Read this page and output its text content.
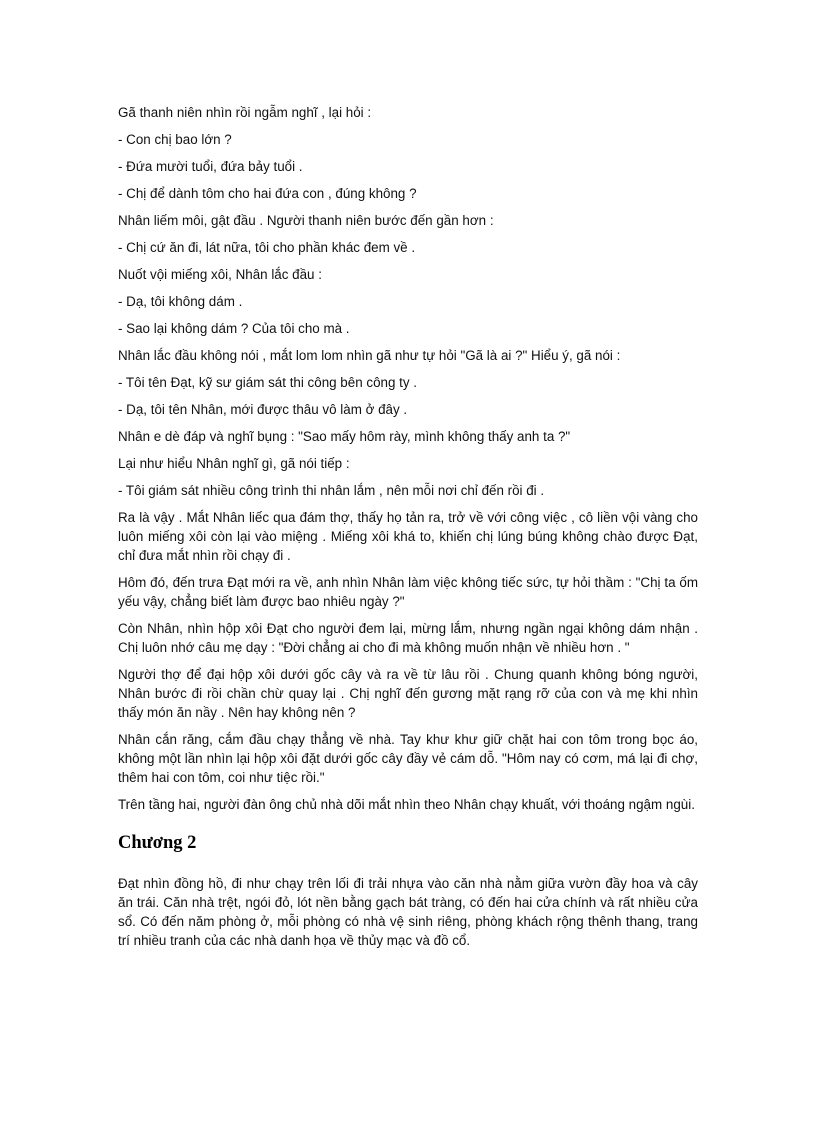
Gã thanh niên nhìn rồi ngẫm nghĩ , lại hỏi :

- Con chị bao lớn ?

- Đứa mười tuổi, đứa bảy tuổi .

- Chị để dành tôm cho hai đứa con , đúng không ?

Nhân liếm môi, gật đầu . Người thanh niên bước đến gần hơn :

- Chị cứ ăn đi, lát nữa, tôi cho phần khác đem về .

Nuốt vội miếng xôi, Nhân lắc đầu :

- Dạ, tôi không dám .

- Sao lại không dám ? Của tôi cho mà .

Nhân lắc đầu không nói , mắt lom lom nhìn gã như tự hỏi "Gã là ai ?" Hiểu ý, gã nói :

- Tôi tên Đạt, kỹ sư giám sát thi công bên công ty .

- Dạ, tôi tên Nhân, mới được thâu vô làm ở đây .

Nhân e dè đáp và nghĩ bụng : "Sao mấy hôm rày, mình không thấy anh ta ?"

Lại như hiểu Nhân nghĩ gì, gã nói tiếp :

- Tôi giám sát nhiều công trình thi nhân lắm , nên mỗi nơi chỉ đến rồi đi .

Ra là vậy . Mắt Nhân liếc qua đám thợ, thấy họ tản ra, trở về với công việc , cô liền vội vàng cho luôn miếng xôi còn lại vào miệng . Miếng xôi khá to, khiến chị lúng búng không chào được Đạt, chỉ đưa mắt nhìn rồi chạy đi .

Hôm đó, đến trưa Đạt mới ra về, anh nhìn Nhân làm việc không tiếc sức, tự hỏi thầm : "Chị ta ốm yếu vậy, chẳng biết làm được bao nhiêu ngày ?"

Còn Nhân, nhìn hộp xôi Đạt cho người đem lại, mừng lắm, nhưng ngần ngại không dám nhận . Chị luôn nhớ câu mẹ dạy : "Đời chẳng ai cho đi mà không muốn nhận về nhiều hơn . "

Người thợ để đại hộp xôi dưới gốc cây và ra về từ lâu rồi . Chung quanh không bóng người, Nhân bước đi rồi chần chừ quay lại . Chị nghĩ đến gương mặt rạng rỡ của con và mẹ khi nhìn thấy món ăn nầy . Nên hay không nên ?

Nhân cắn răng, cắm đầu chạy thẳng về nhà. Tay khư khư giữ chặt hai con tôm trong bọc áo, không một lần nhìn lại hộp xôi đặt dưới gốc cây đầy vẻ cám dỗ. "Hôm nay có cơm, má lại đi chợ, thêm hai con tôm, coi như tiệc rồi."

Trên tầng hai, người đàn ông chủ nhà dõi mắt nhìn theo Nhân chạy khuất, với thoáng ngậm ngùi.

Chương 2

Đạt nhìn đồng hồ, đi như chạy trên lối đi trải nhựa vào căn nhà nằm giữa vườn đầy hoa và cây ăn trái. Căn nhà trệt, ngói đỏ, lót nền bằng gạch bát tràng, có đến hai cửa chính và rất nhiều cửa sổ. Có đến năm phòng ở, mỗi phòng có nhà vệ sinh riêng, phòng khách rộng thênh thang, trang trí nhiều tranh của các nhà danh họa về thủy mạc và đồ cổ.
